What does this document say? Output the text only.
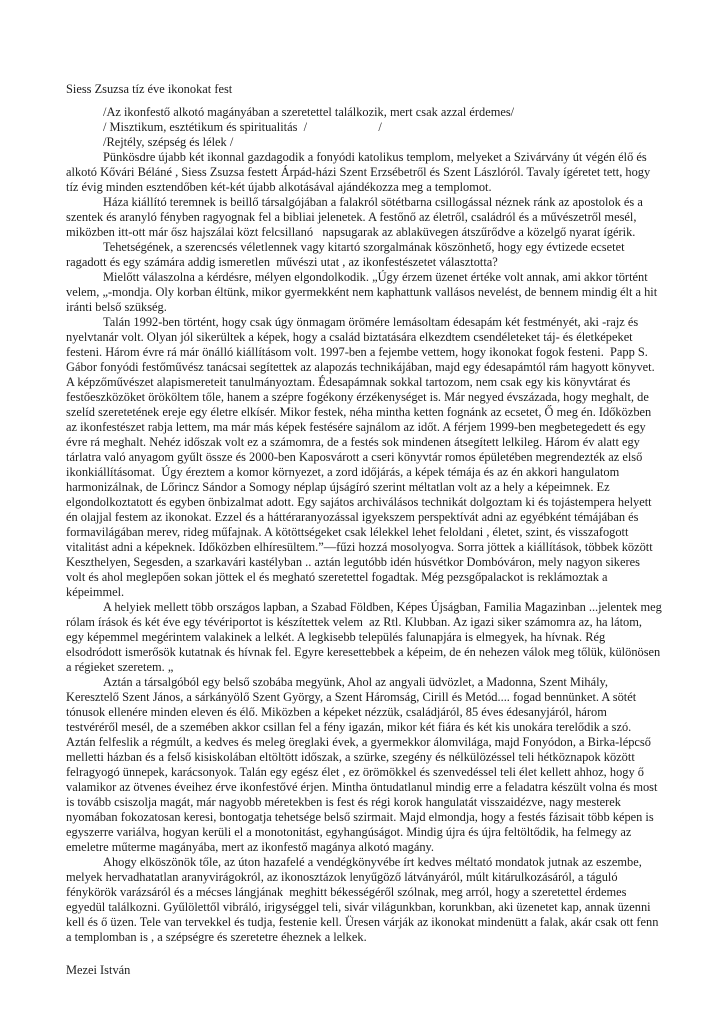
Siess Zsuzsa tíz éve ikonokat fest

/Az ikonfestő alkotó magányában a szeretettel találkozik, mert csak azzal érdemes/

/ Misztikum, esztétikum és spiritualitás  /                       /

/Rejtély, szépség és lélek /

Pünkösdre újabb két ikonnal gazdagodik a fonyódi katolikus templom, melyeket a Szivárvány út végén élő és alkotó Kővári Béláné , Siess Zsuzsa festett Árpád-házi Szent Erzsébetről és Szent Lászlóról. Tavaly ígéretet tett, hogy tíz évig minden esztendőben két-két újabb alkotásával ajándékozza meg a templomot.

Háza kiállító teremnek is beillő társalgójában a falakról sötétbarna csillogással néznek ránk az apostolok és a szentek és aranyló fényben ragyognak fel a bibliai jelenetek. A festőnő az életről, családról és a művészetről mesél, miközben itt-ott már ősz hajszálai közt felcsillanó   napsugarak az ablaküvegen átszűrődve a közelgő nyarat ígérik.

Tehetségének, a szerencsés véletlennek vagy kitartó szorgalmának köszönhető, hogy egy évtizede ecsetet ragadott és egy számára addig ismeretlen  művészi utat , az ikonfestészetet választotta?

Mielőtt válaszolna a kérdésre, mélyen elgondolkodik. „Úgy érzem üzenet értéke volt annak, ami akkor történt velem, „-mondja. Oly korban éltünk, mikor gyermekként nem kaphattunk vallásos nevelést, de bennem mindig élt a hit iránti belső szükség.

Talán 1992-ben történt, hogy csak úgy önmagam örömére lemásoltam édesapám két festményét, aki -rajz és nyelvtanár volt. Olyan jól sikerültek a képek, hogy a család biztatására elkezdtem csendéleteket táj- és életképeket    festeni. Három évre rá már önálló kiállításom volt. 1997-ben a fejembe vettem, hogy ikonokat fogok festeni.  Papp S. Gábor fonyódi festőművész tanácsai segítettek az alapozás technikájában, majd egy édesapámtól rám hagyott könyvet. A képzőművészet alapismereteit tanulmányoztam. Édesapámnak sokkal tartozom, nem csak egy kis könyvtárat és festőeszközöket örököltem tőle, hanem a szépre fogékony érzékenységet is. Már negyed évszázada, hogy meghalt, de szelíd szeretetének ereje egy életre elkísér. Mikor festek, néha mintha ketten fognánk az ecsetet, Ő meg én. Időközben az ikonfestészet rabja lettem, ma már más képek festésére sajnálom az időt. A férjem 1999-ben megbetegedett és egy évre rá meghalt. Nehéz időszak volt ez a számomra, de a festés sok mindenen átsegített lelkileg. Három év alatt egy tárlatra való anyagom gyűlt össze és 2000-ben Kaposvárott a cseri könyvtár romos épületében megrendezték az első ikonkiállításomat.  Úgy éreztem a komor környezet, a zord időjárás, a képek témája és az én akkori hangulatom harmonizálnak, de Lőrincz Sándor a Somogy néplap újságíró szerint méltatlan volt az a hely a képeimnek. Ez elgondolkoztatott és egyben önbizalmat adott. Egy sajátos archiválásos technikát dolgoztam ki és tojástempera helyett én olajjal festem az ikonokat. Ezzel és a háttéraranyozással igyekszem perspektívát adni az egyébként témájában és formavilágában merev, rideg műfajnak. A kötöttségeket csak lélekkel lehet feloldani , életet, szint, és visszafogott vitalitást adni a képeknek. Időközben elhíresültem.”—fűzi hozzá mosolyogva. Sorra jöttek a kiállítások, többek között Keszthelyen, Segesden, a szarkavári kastélyban .. aztán legutóbb idén húsvétkor Dombóváron, mely nagyon sikeres volt és ahol meglepően sokan jöttek el és megható szeretettel fogadtak. Még pezsgőpalackot is reklámoztak a képeimmel.

A helyiek mellett több országos lapban, a Szabad Földben, Képes Újságban, Familia Magazinban ...jelentek meg rólam írások és két éve egy tévériportot is készítettek velem  az Rtl. Klubban. Az igazi siker számomra az, ha látom, egy képemmel megérintem valakinek a lelkét. A legkisebb település falunapjára is elmegyek, ha hívnak. Rég elsodródott ismerősök kutatnak és hívnak fel. Egyre keresettebbek a képeim, de én nehezen válok meg tőlük, különösen a régieket szeretem. „

Aztán a társalgóból egy belső szobába megyünk, Ahol az angyali üdvözlet, a Madonna, Szent Mihály, Keresztelő Szent János, a sárkányölő Szent György, a Szent Háromság, Cirill és Metód.... fogad bennünket. A sötét tónusok ellenére minden eleven és élő. Miközben a képeket nézzük, családjáról, 85 éves édesanyjáról, három testvéréről mesél, de a szemében akkor csillan fel a fény igazán, mikor két fiára és két kis unokára terelődik a szó. Aztán felfeslik a régmúlt, a kedves és meleg öreglaki évek, a gyermekkor álomvilága, majd Fonyódon, a Birka-lépcső melletti házban és a felső kisiskolában eltöltött időszak, a szürke, szegény és nélkülözéssel teli hétköznapok között felragyogó ünnepek, karácsonyok. Talán egy egész élet , ez örömökkel és szenvedéssel teli élet kellett ahhoz, hogy ő valamikor az ötvenes éveihez érve ikonfestővé érjen. Mintha öntudatlanul mindig erre a feladatra készült volna és most is tovább csiszolja magát, már nagyobb méretekben is fest és régi korok hangulatát visszaidézve, nagy mesterek nyomában fokozatosan keresi, bontogatja tehetsége belső szirmait. Majd elmondja, hogy a festés fázisait több képen is egyszerre variálva, hogyan kerüli el a monotonitást, egyhangúságot. Mindig újra és újra feltöltődik, ha felmegy az emeletre műterme magányába, mert az ikonfestő magánya alkotó magány.

Ahogy elköszönök tőle, az úton hazafelé a vendégkönyvébe írt kedves méltató mondatok jutnak az eszembe, melyek hervadhatatlan aranyvirágokról, az ikonosztázok lenyűgöző látványáról, múlt kitárulkozásáról, a táguló fénykörök varázsáról és a mécses lángjának  meghitt békességéről szólnak, meg arról, hogy a szeretettel érdemes egyedül találkozni. Gyűlölettől vibráló, irigységgel teli, sivár világunkban, korunkban, aki üzenetet kap, annak üzenni kell és ő üzen. Tele van tervekkel és tudja, festenie kell. Üresen várják az ikonokat mindenütt a falak, akár csak ott fenn a templomban is , a szépségre és szeretetre éheznek a lelkek.

Mezei István
